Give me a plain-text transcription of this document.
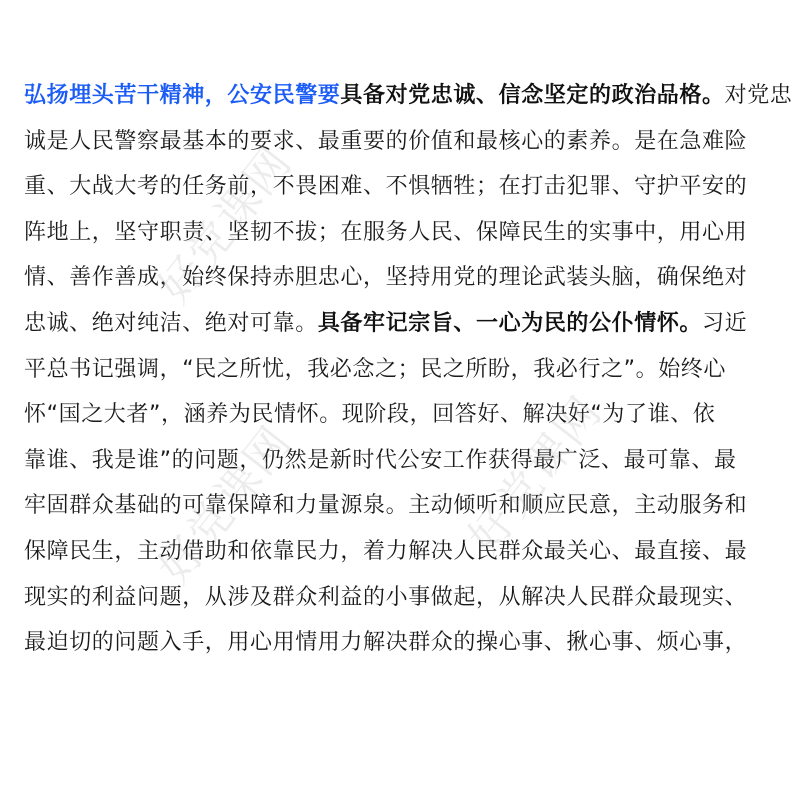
弘扬埋头苦干精神，公安民警要具备对党忠诚、信念坚定的政治品格。对党忠
诚是人民警察最基本的要求、最重要的价值和最核心的素养。是在急难险
重、大战大考的任务前，不畏困难、不惧牺牲；在打击犯罪、守护平安的
阵地上，坚守职责、坚韧不拔；在服务人民、保障民生的实事中，用心用
情、善作善成，始终保持赤胆忠心，坚持用党的理论武装头脑，确保绝对
忠诚、绝对纯洁、绝对可靠。具备牢记宗旨、一心为民的公仆情怀。习近
平总书记强调，“民之所忧，我必念之；民之所盼，我必行之”。始终心
怀“国之大者”，涵养为民情怀。现阶段，回答好、解决好“为了谁、依
靠谁、我是谁”的问题，仍然是新时代公安工作获得最广泛、最可靠、最
牢固群众基础的可靠保障和力量源泉。主动倾听和顺应民意，主动服务和
保障民生，主动借助和依靠民力，着力解决人民群众最关心、最直接、最
现实的利益问题，从涉及群众利益的小事做起，从解决人民群众最现实、
最迫切的问题入手，用心用情用力解决群众的操心事、揪心事、烦心事，

好党课网
好党课网	好党课网
